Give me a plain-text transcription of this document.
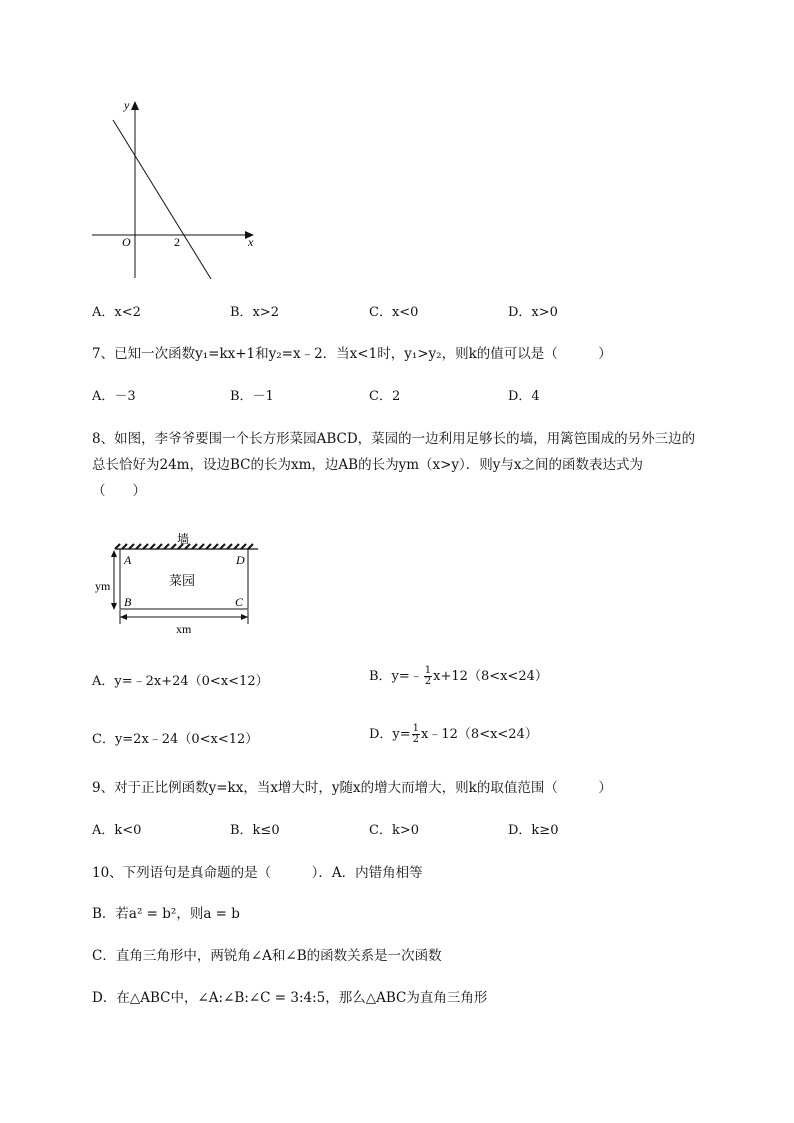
y
x
O	2
A．x<2	B．x>2	C．x<0	D．x>0
7、已知一次函数y₁=kx+1和y₂=x﹣2．当x<1时，y₁>y₂，则k的值可以是（　　　）
A．－3	B．－1	C．2	D．4
8、如图，李爷爷要围一个长方形菜园ABCD，菜园的一边利用足够长的墙，用篱笆围成的另外三边的
总长恰好为24m，设边BC的长为xm，边AB的长为ym（x>y）．则y与x之间的函数表达式为
（　　）
墙
菜园
A	D
B	C
ym
xm
A．y=﹣2x+24（0<x<12）	B．y=﹣ $\frac{1}{2} x+12(8<x<24)$
C．y=2x﹣24（0<x<12）	D．$y= \frac{1}{2}$ x﹣12（8<x<24）
9、对于正比例函数y=kx，当x增大时，y随x的增大而增大，则k的取值范围（　　　）
A．k<0	B．k≤0	C．k>0	D．k≥0
10、下列语句是真命题的是（　　　）．A．内错角相等
B．若a² = b²，则a = b
C．直角三角形中，两锐角∠A和∠B的函数关系是一次函数
D．在△ABC中，∠A:∠B:∠C = 3:4:5，那么△ABC为直角三角形
